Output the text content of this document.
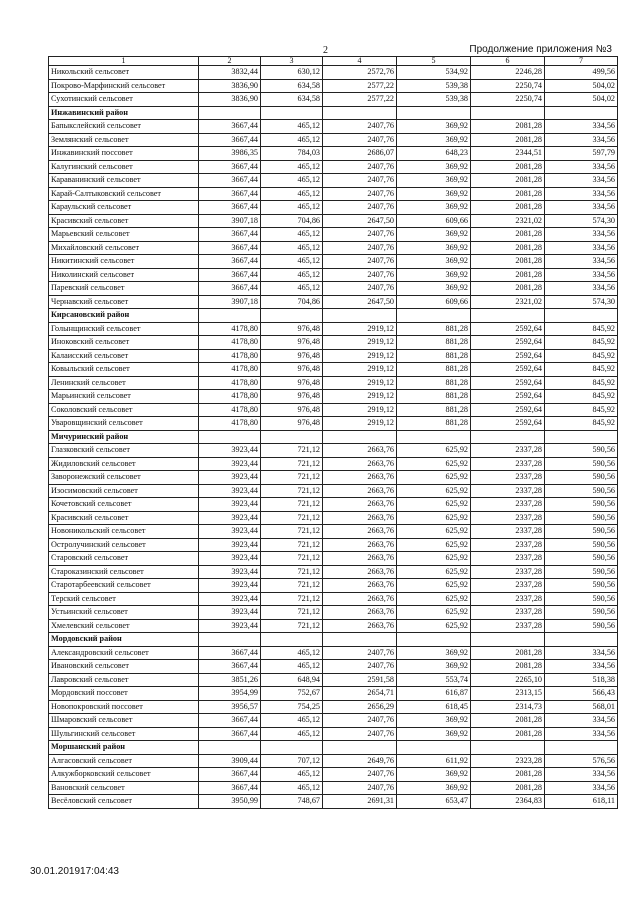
2	Продолжение приложения №3
1	2	3	4	5	6	7
Никольский сельсовет	3832,44	630,12	2572,76	534,92	2246,28	499,56
Покрово-Марфинский сельсовет	3836,90	634,58	2577,22	539,38	2250,74	504,02
Сухотинский сельсовет	3836,90	634,58	2577,22	539,38	2250,74	504,02
Инжавинский район						
Бапыкслейский сельсовет	3667,44	465,12	2407,76	369,92	2081,28	334,56
Землянский сельсовет	3667,44	465,12	2407,76	369,92	2081,28	334,56
Инжавинский поссовет	3986,35	784,03	2686,07	648,23	2344,51	597,79
Калугинский сельсовет	3667,44	465,12	2407,76	369,92	2081,28	334,56
Караванинский сельсовет	3667,44	465,12	2407,76	369,92	2081,28	334,56
Карай-Салтыковский сельсовет	3667,44	465,12	2407,76	369,92	2081,28	334,56
Караульский сельсовет	3667,44	465,12	2407,76	369,92	2081,28	334,56
Красивский сельсовет	3907,18	704,86	2647,50	609,66	2321,02	574,30
Марьевский сельсовет	3667,44	465,12	2407,76	369,92	2081,28	334,56
Михайловский сельсовет	3667,44	465,12	2407,76	369,92	2081,28	334,56
Никитинский сельсовет	3667,44	465,12	2407,76	369,92	2081,28	334,56
Николинский сельсовет	3667,44	465,12	2407,76	369,92	2081,28	334,56
Паревский сельсовет	3667,44	465,12	2407,76	369,92	2081,28	334,56
Чернавский сельсовет	3907,18	704,86	2647,50	609,66	2321,02	574,30
Кирсановский район						
Голынщинский сельсовет	4178,80	976,48	2919,12	881,28	2592,64	845,92
Иноковский сельсовет	4178,80	976,48	2919,12	881,28	2592,64	845,92
Калаисский сельсовет	4178,80	976,48	2919,12	881,28	2592,64	845,92
Ковыльский сельсовет	4178,80	976,48	2919,12	881,28	2592,64	845,92
Ленинский сельсовет	4178,80	976,48	2919,12	881,28	2592,64	845,92
Марьинский сельсовет	4178,80	976,48	2919,12	881,28	2592,64	845,92
Соколовский сельсовет	4178,80	976,48	2919,12	881,28	2592,64	845,92
Уваровщинский сельсовет	4178,80	976,48	2919,12	881,28	2592,64	845,92
Мичуринский район						
Глазковский сельсовет	3923,44	721,12	2663,76	625,92	2337,28	590,56
Жидиловский сельсовет	3923,44	721,12	2663,76	625,92	2337,28	590,56
Заворонежский сельсовет	3923,44	721,12	2663,76	625,92	2337,28	590,56
Изосимовский сельсовет	3923,44	721,12	2663,76	625,92	2337,28	590,56
Кочетовский сельсовет	3923,44	721,12	2663,76	625,92	2337,28	590,56
Красивский сельсовет	3923,44	721,12	2663,76	625,92	2337,28	590,56
Новоникольский сельсовет	3923,44	721,12	2663,76	625,92	2337,28	590,56
Остролучинский сельсовет	3923,44	721,12	2663,76	625,92	2337,28	590,56
Старовский сельсовет	3923,44	721,12	2663,76	625,92	2337,28	590,56
Староказинский сельсовет	3923,44	721,12	2663,76	625,92	2337,28	590,56
Старотарбеевский сельсовет	3923,44	721,12	2663,76	625,92	2337,28	590,56
Терский сельсовет	3923,44	721,12	2663,76	625,92	2337,28	590,56
Устьинский сельсовет	3923,44	721,12	2663,76	625,92	2337,28	590,56
Хмелевский сельсовет	3923,44	721,12	2663,76	625,92	2337,28	590,56
Мордовский район						
Александровский сельсовет	3667,44	465,12	2407,76	369,92	2081,28	334,56
Ивановский сельсовет	3667,44	465,12	2407,76	369,92	2081,28	334,56
Лавровский сельсовет	3851,26	648,94	2591,58	553,74	2265,10	518,38
Мордовский поссовет	3954,99	752,67	2654,71	616,87	2313,15	566,43
Новопокровский поссовет	3956,57	754,25	2656,29	618,45	2314,73	568,01
Шмаровский сельсовет	3667,44	465,12	2407,76	369,92	2081,28	334,56
Шульгинский сельсовет	3667,44	465,12	2407,76	369,92	2081,28	334,56
Моршанский район						
Алгасовский сельсовет	3909,44	707,12	2649,76	611,92	2323,28	576,56
Алкужборковский сельсовет	3667,44	465,12	2407,76	369,92	2081,28	334,56
Вановский сельсовет	3667,44	465,12	2407,76	369,92	2081,28	334,56
Весёловский сельсовет	3950,99	748,67	2691,31	653,47	2364,83	618,11
30.01.201917:04:43
